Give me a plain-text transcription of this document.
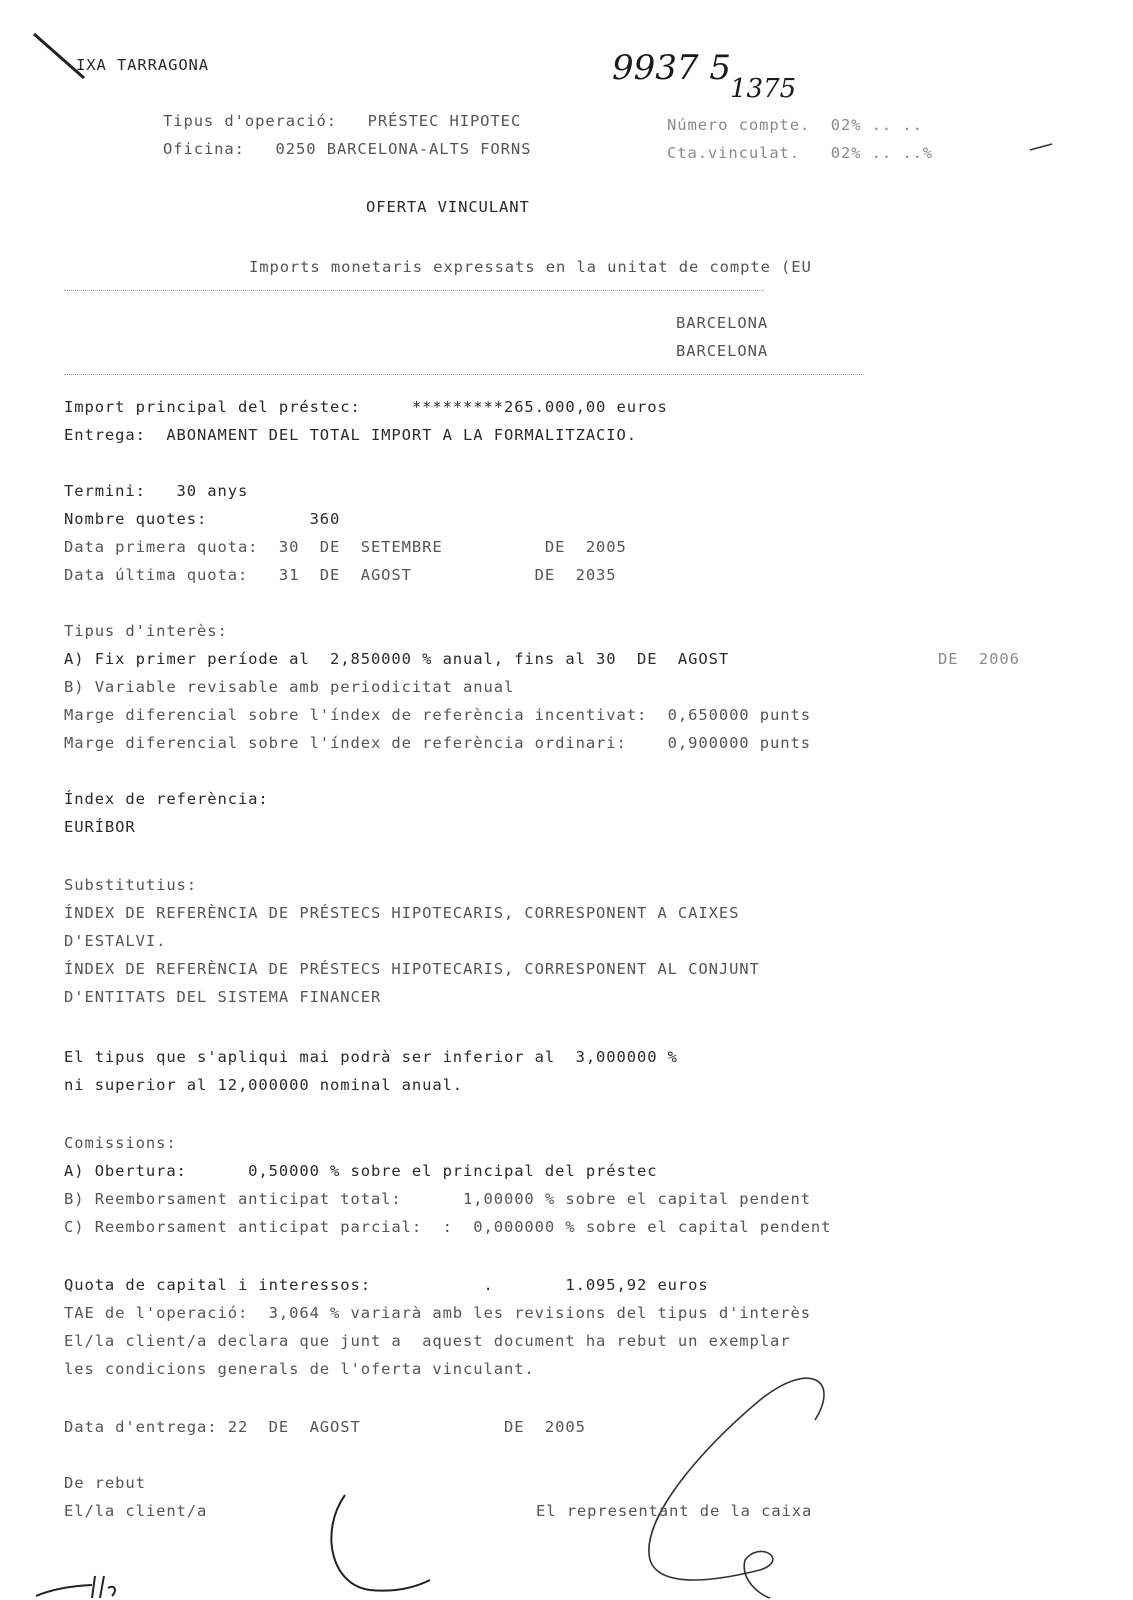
IXA TARRAGONA	9937 5
1375
Tipus d'operació:   PRÉSTEC HIPOTEC
Oficina:   0250 BARCELONA-ALTS FORNS
Número compte.  02% .. ..
Cta.vinculat.   02% .. ..%
OFERTA VINCULANT
Imports monetaris expressats en la unitat de compte (EU
BARCELONA
BARCELONA
Import principal del préstec:     *********265.000,00 euros
Entrega:  ABONAMENT DEL TOTAL IMPORT A LA FORMALITZACIO.
Termini:   30 anys
Nombre quotes:          360
Data primera quota:  30  DE  SETEMBRE          DE  2005
Data última quota:   31  DE  AGOST            DE  2035
Tipus d'interès:
A) Fix primer període al  2,850000 % anual, fins al 30  DE  AGOST	DE  2006
B) Variable revisable amb periodicitat anual
Marge diferencial sobre l'índex de referència incentivat:  0,650000 punts
Marge diferencial sobre l'índex de referència ordinari:    0,900000 punts
Índex de referència:
EURÍBOR
Substitutius:
ÍNDEX DE REFERÈNCIA DE PRÉSTECS HIPOTECARIS, CORRESPONENT A CAIXES
D'ESTALVI.
ÍNDEX DE REFERÈNCIA DE PRÉSTECS HIPOTECARIS, CORRESPONENT AL CONJUNT
D'ENTITATS DEL SISTEMA FINANCER
El tipus que s'apliqui mai podrà ser inferior al  3,000000 %
ni superior al 12,000000 nominal anual.
Comissions:
A) Obertura:      0,50000 % sobre el principal del préstec
B) Reemborsament anticipat total:      1,00000 % sobre el capital pendent
C) Reemborsament anticipat parcial:  :  0,000000 % sobre el capital pendent
Quota de capital i interessos:           .       1.095,92 euros
TAE de l'operació:  3,064 % variarà amb les revisions del tipus d'interès
El/la client/a declara que junt a  aquest document ha rebut un exemplar
les condicions generals de l'oferta vinculant.
Data d'entrega: 22  DE  AGOST              DE  2005
De rebut
El/la client/a	El representant de la caixa
